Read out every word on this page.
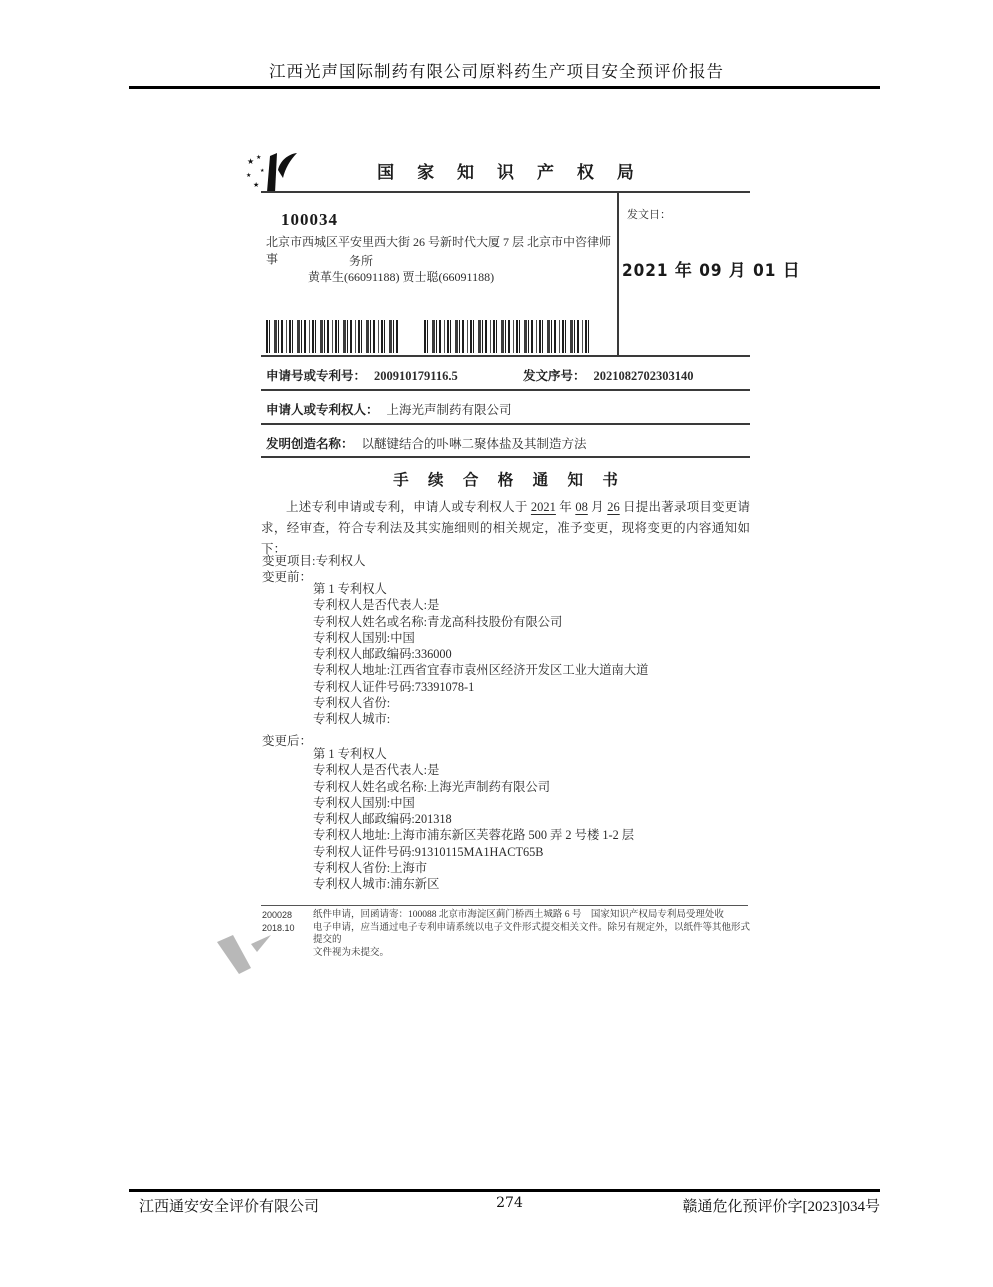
江西光声国际制药有限公司原料药生产项目安全预评价报告
★ ★
★
★
★	国 家 知 识 产 权 局
100034
北京市西城区平安里西大街 26 号新时代大厦 7 层 北京市中咨律师事	务所
黄革生(66091188) 贾士聪(66091188)
发文日：
2021 年 09 月 01 日
申请号或专利号： 200910179116.5	发文序号： 2021082702303140
申请人或专利权人： 上海光声制药有限公司
发明创造名称： 以醚键结合的卟啉二聚体盐及其制造方法
手 续 合 格 通 知 书
上述专利申请或专利，申请人或专利权人于 2021 年 08 月 26 日提出著录项目变更请求，经审查，符合专利法及其实施细则的相关规定，准予变更，现将变更的内容通知如下：
变更项目:专利权人
变更前：
第 1 专利权人
专利权人是否代表人:是
专利权人姓名或名称:青龙高科技股份有限公司
专利权人国别:中国
专利权人邮政编码:336000
专利权人地址:江西省宜春市袁州区经济开发区工业大道南大道
专利权人证件号码:73391078-1
专利权人省份:
专利权人城市:
变更后：
第 1 专利权人
专利权人是否代表人:是
专利权人姓名或名称:上海光声制药有限公司
专利权人国别:中国
专利权人邮政编码:201318
专利权人地址:上海市浦东新区芙蓉花路 500 弄 2 号楼 1-2 层
专利权人证件号码:91310115MA1HACT65B
专利权人省份:上海市
专利权人城市:浦东新区
200028
2018.10
纸件申请，回函请寄：100088 北京市海淀区蓟门桥西土城路 6 号　国家知识产权局专利局受理处收
电子申请，应当通过电子专利申请系统以电子文件形式提交相关文件。除另有规定外，以纸件等其他形式提交的
文件视为未提交。
江西通安安全评价有限公司	274	赣通危化预评价字[2023]034号
